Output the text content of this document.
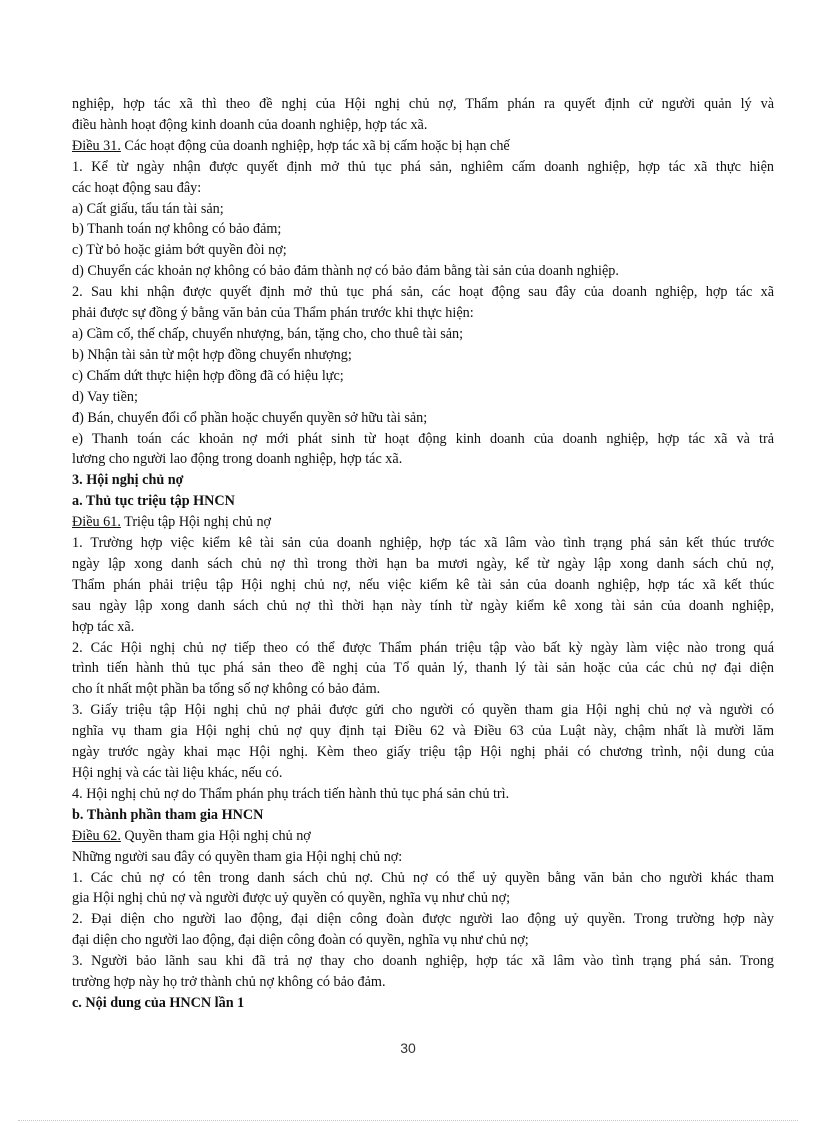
nghiệp, hợp tác xã thì theo đề nghị của Hội nghị chủ nợ, Thẩm phán ra quyết định cử người quản lý và
điều hành hoạt động kinh doanh của doanh nghiệp, hợp tác xã.
Điều 31. Các hoạt động của doanh nghiệp, hợp tác xã bị cấm hoặc bị hạn chế
1. Kể từ ngày nhận được quyết định mở thủ tục phá sản, nghiêm cấm doanh nghiệp, hợp tác xã thực hiện
các hoạt động sau đây:
a) Cất giấu, tẩu tán tài sản;
b) Thanh toán nợ không có bảo đảm;
c) Từ bỏ hoặc giảm bớt quyền đòi nợ;
d) Chuyển các khoản nợ không có bảo đảm thành nợ có bảo đảm bằng tài sản của doanh nghiệp.
2. Sau khi nhận được quyết định mở thủ tục phá sản, các hoạt động sau đây của doanh nghiệp, hợp tác xã
phải được sự đồng ý bằng văn bản của Thẩm phán trước khi thực hiện:
a) Cầm cố, thế chấp, chuyển nhượng, bán, tặng cho, cho thuê tài sản;
b) Nhận tài sản từ một hợp đồng chuyển nhượng;
c) Chấm dứt thực hiện hợp đồng đã có hiệu lực;
d) Vay tiền;
đ) Bán, chuyển đổi cổ phần hoặc chuyển quyền sở hữu tài sản;
e) Thanh toán các khoản nợ mới phát sinh từ hoạt động kinh doanh của doanh nghiệp, hợp tác xã và trả
lương cho người lao động trong doanh nghiệp, hợp tác xã.
3. Hội nghị chủ nợ
a. Thủ tục triệu tập HNCN
Điều 61. Triệu tập Hội nghị chủ nợ
1. Trường hợp việc kiểm kê tài sản của doanh nghiệp, hợp tác xã lâm vào tình trạng phá sản kết thúc trước
ngày lập xong danh sách chủ nợ thì trong thời hạn ba mươi ngày, kể từ ngày lập xong danh sách chủ nợ,
Thẩm phán phải triệu tập Hội nghị chủ nợ, nếu việc kiểm kê tài sản của doanh nghiệp, hợp tác xã kết thúc
sau ngày lập xong danh sách chủ nợ thì thời hạn này tính từ ngày kiểm kê xong tài sản của doanh nghiệp,
hợp tác xã.
2. Các Hội nghị chủ nợ tiếp theo có thể được Thẩm phán triệu tập vào bất kỳ ngày làm việc nào trong quá
trình tiến hành thủ tục phá sản theo đề nghị của Tổ quản lý, thanh lý tài sản hoặc của các chủ nợ đại diện
cho ít nhất một phần ba tổng số nợ không có bảo đảm.
3. Giấy triệu tập Hội nghị chủ nợ phải được gửi cho người có quyền tham gia Hội nghị chủ nợ và người có
nghĩa vụ tham gia Hội nghị chủ nợ quy định tại Điều 62 và Điều 63 của Luật này, chậm nhất là mười lăm
ngày trước ngày khai mạc Hội nghị. Kèm theo giấy triệu tập Hội nghị phải có chương trình, nội dung của
Hội nghị và các tài liệu khác, nếu có.
4. Hội nghị chủ nợ do Thẩm phán phụ trách tiến hành thủ tục phá sản chủ trì.
b. Thành phần tham gia HNCN
Điều 62. Quyền tham gia Hội nghị chủ nợ
Những người sau đây có quyền tham gia Hội nghị chủ nợ:
1. Các chủ nợ có tên trong danh sách chủ nợ. Chủ nợ có thể uỷ quyền bằng văn bản cho người khác tham
gia Hội nghị chủ nợ và người được uỷ quyền có quyền, nghĩa vụ như chủ nợ;
2. Đại diện cho người lao động, đại diện công đoàn được người lao động uỷ quyền. Trong trường hợp này
đại diện cho người lao động, đại diện công đoàn có quyền, nghĩa vụ như chủ nợ;
3. Người bảo lãnh sau khi đã trả nợ thay cho doanh nghiệp, hợp tác xã lâm vào tình trạng phá sản. Trong
trường hợp này họ trở thành chủ nợ không có bảo đảm.
c. Nội dung của HNCN lần 1
30
